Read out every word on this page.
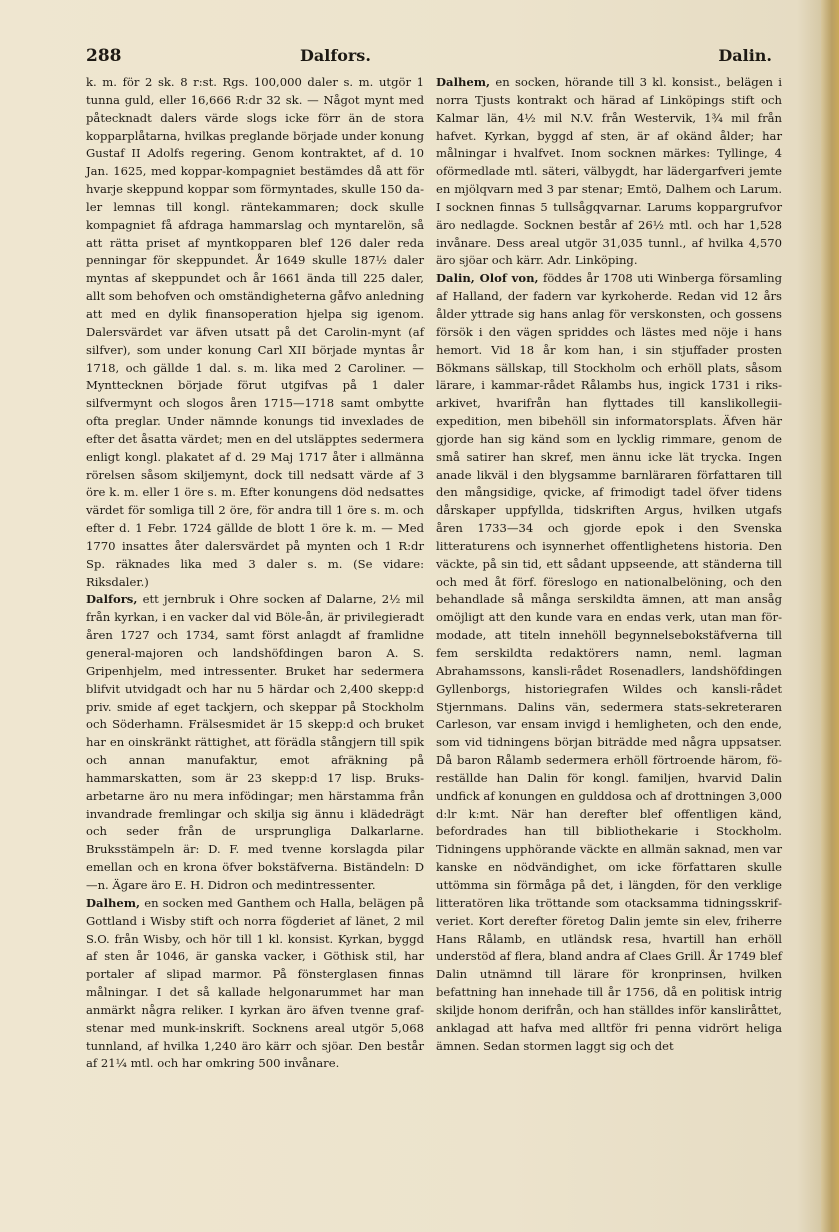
288	Dalfors.	Dalin.

k. m. för 2 sk. 8 r:st. Rgs. 100,000 daler s. m. utgör 1 tunna guld, eller 16,666 R:dr 32 sk. — Något mynt med påtecknadt dalers värde slogs icke förr än de stora kopparplåtarna, hvilkas preglande började under konung Gustaf II Adolfs regering. Genom kontraktet, af d. 10 Jan. 1625, med koppar-kompagniet bestämdes då att för hvarje skeppund koppar som förmyntades, skulle 150 daler lemnas till kongl. räntekammaren; dock skulle kompagniet få afdraga hammarslag och myntarelön, så att rätta priset af myntkopparen blef 126 daler reda penningar för skeppundet. År 1649 skulle 187½ daler myntas af skeppundet och år 1661 ända till 225 daler, allt som behofven och omständigheterna gåfvo anledning att med en dylik finansoperation hjelpa sig igenom. Dalersvärdet var äfven utsatt på det Carolin-mynt (af silfver), som under konung Carl XII började myntas år 1718, och gällde 1 dal. s. m. lika med 2 Caroliner. — Mynttecknen började förut utgifvas på 1 daler silfvermynt och slogos åren 1715—1718 samt ombytte ofta preglar. Under nämnde konungs tid invexlades de efter det åsatta värdet; men en del utsläpptes sedermera enligt kongl. plakatet af d. 29 Maj 1717 åter i allmänna rörelsen såsom skiljemynt, dock till nedsatt värde af 3 öre k. m. eller 1 öre s. m. Efter konungens död nedsattes värdet för somliga till 2 öre, för andra till 1 öre s. m. och efter d. 1 Febr. 1724 gällde de blott 1 öre k. m. — Med 1770 insattes åter dalersvärdet på mynten och 1 R:dr Sp. räknades lika med 3 daler s. m. (Se vidare: Riksdaler.)

Dalfors, ett jernbruk i Ohre socken af Dalarne, 2½ mil från kyrkan, i en vacker dal vid Böle-ån, är privilegieradt åren 1727 och 1734, samt först anlagdt af framlidne general-majoren och landshöfdingen baron A. S. Gripenhjelm, med intressenter. Bruket har sedermera blifvit utvidgadt och har nu 5 härdar och 2,400 skepp:d priv. smide af eget tackjern, och skeppar på Stockholm och Söderhamn. Frälsesmidet är 15 skepp:d och bruket har en oinskränkt rättighet, att förädla stångjern till spik och annan manufaktur, emot afräkning på hammarskatten, som är 23 skepp:d 17 lisp. Bruksarbetarne äro nu mera infödingar; men härstamma från invandrade fremlingar och skilja sig ännu i klädedrägt och seder från de ursprungliga Dalkarlarne. Bruksstämpeln är: D. F. med tvenne korslagda pilar emellan och en krona öfver bokstäfverna. Biständeln: D—n. Ägare äro E. H. Didron och medintressenter.

Dalhem, en socken med Ganthem och Halla, belägen på Gottland i Wisby stift och norra fögderiet af länet, 2 mil S.O. från Wisby, och hör till 1 kl. konsist. Kyrkan, byggd af sten år 1046, är ganska vacker, i Göthisk stil, har portaler af slipad marmor. På fönsterglasen finnas målningar. I det så kallade helgonarummet har man anmärkt några reliker. I kyrkan äro äfven tvenne grafstenar med munk-inskrift. Socknens areal utgör 5,068 tunnland, af hvilka 1,240 äro kärr och sjöar. Den består af 21¼ mtl. och har omkring 500 invånare.

Dalhem, en socken, hörande till 3 kl. konsist., belägen i norra Tjusts kontrakt och härad af Linköpings stift och Kalmar län, 4½ mil N.V. från Westervik, 1¾ mil från hafvet. Kyrkan, byggd af sten, är af okänd ålder; har målningar i hvalfvet. Inom socknen märkes: Tyllinge, 4 oförmedlade mtl. säteri, välbygdt, har lädergarfveri jemte en mjölqvarn med 3 par stenar; Emtö, Dalhem och Larum. I socknen finnas 5 tullsågqvarnar. Larums koppargrufvor äro nedlagde. Socknen består af 26½ mtl. och har 1,528 invånare. Dess areal utgör 31,035 tunnl., af hvilka 4,570 äro sjöar och kärr. Adr. Linköping.

Dalin, Olof von, föddes år 1708 uti Winberga församling af Halland, der fadern var kyrkoherde. Redan vid 12 års ålder yttrade sig hans anlag för verskonsten, och gossens försök i den vägen spriddes och lästes med nöje i hans hemort. Vid 18 år kom han, i sin stjuffader prosten Bökmans sällskap, till Stockholm och erhöll plats, såsom lärare, i kammar-rådet Rålambs hus, ingick 1731 i riks-arkivet, hvarifrån han flyttades till kanslikollegii-expedition, men bibehöll sin informatorsplats. Äfven här gjorde han sig känd som en lycklig rimmare, genom de små satirer han skref, men ännu icke lät trycka. Ingen anade likväl i den blygsamme barnläraren författaren till den mångsidige, qvicke, af frimodigt tadel öfver tidens dårskaper uppfyllda, tidskriften Argus, hvilken utgafs åren 1733—34 och gjorde epok i den Svenska litteraturens och isynnerhet offentlighetens historia. Den väckte, på sin tid, ett sådant uppseende, att ständerna till och med åt förf. föreslogo en nationalbelöning, och den behandlade så många serskildta ämnen, att man ansåg omöjligt att den kunde vara en endas verk, utan man förmodade, att titeln innehöll begynnelsebokstäfverna till fem serskildta redaktörers namn, neml. lagman Abrahamssons, kansli-rådet Rosenadlers, landshöfdingen Gyllenborgs, historiegrafen Wildes och kansli-rådet Stjernmans. Dalins vän, sedermera stats-sekreteraren Carleson, var ensam invigd i hemligheten, och den ende, som vid tidningens början biträdde med några uppsatser. Då baron Rålamb sedermera erhöll förtroende härom, föreställde han Dalin för kongl. familjen, hvarvid Dalin undfick af konungen en gulddosa och af drottningen 3,000 d:lr k:mt. När han derefter blef offentligen känd, befordrades han till bibliothekarie i Stockholm. Tidningens upphörande väckte en allmän saknad, men var kanske en nödvändighet, om icke författaren skulle uttömma sin förmåga på det, i längden, för den verklige litteratören lika tröttande som otacksamma tidningsskrifveriet. Kort derefter företog Dalin jemte sin elev, friherre Hans Rålamb, en utländsk resa, hvartill han erhöll understöd af flera, bland andra af Claes Grill. År 1749 blef Dalin utnämnd till lärare för kronprinsen, hvilken befattning han innehade till år 1756, då en politisk intrig skiljde honom derifrån, och han ställdes inför kansliråttet, anklagad att hafva med alltför fri penna vidrört heliga ämnen. Sedan stormen laggt sig och det
